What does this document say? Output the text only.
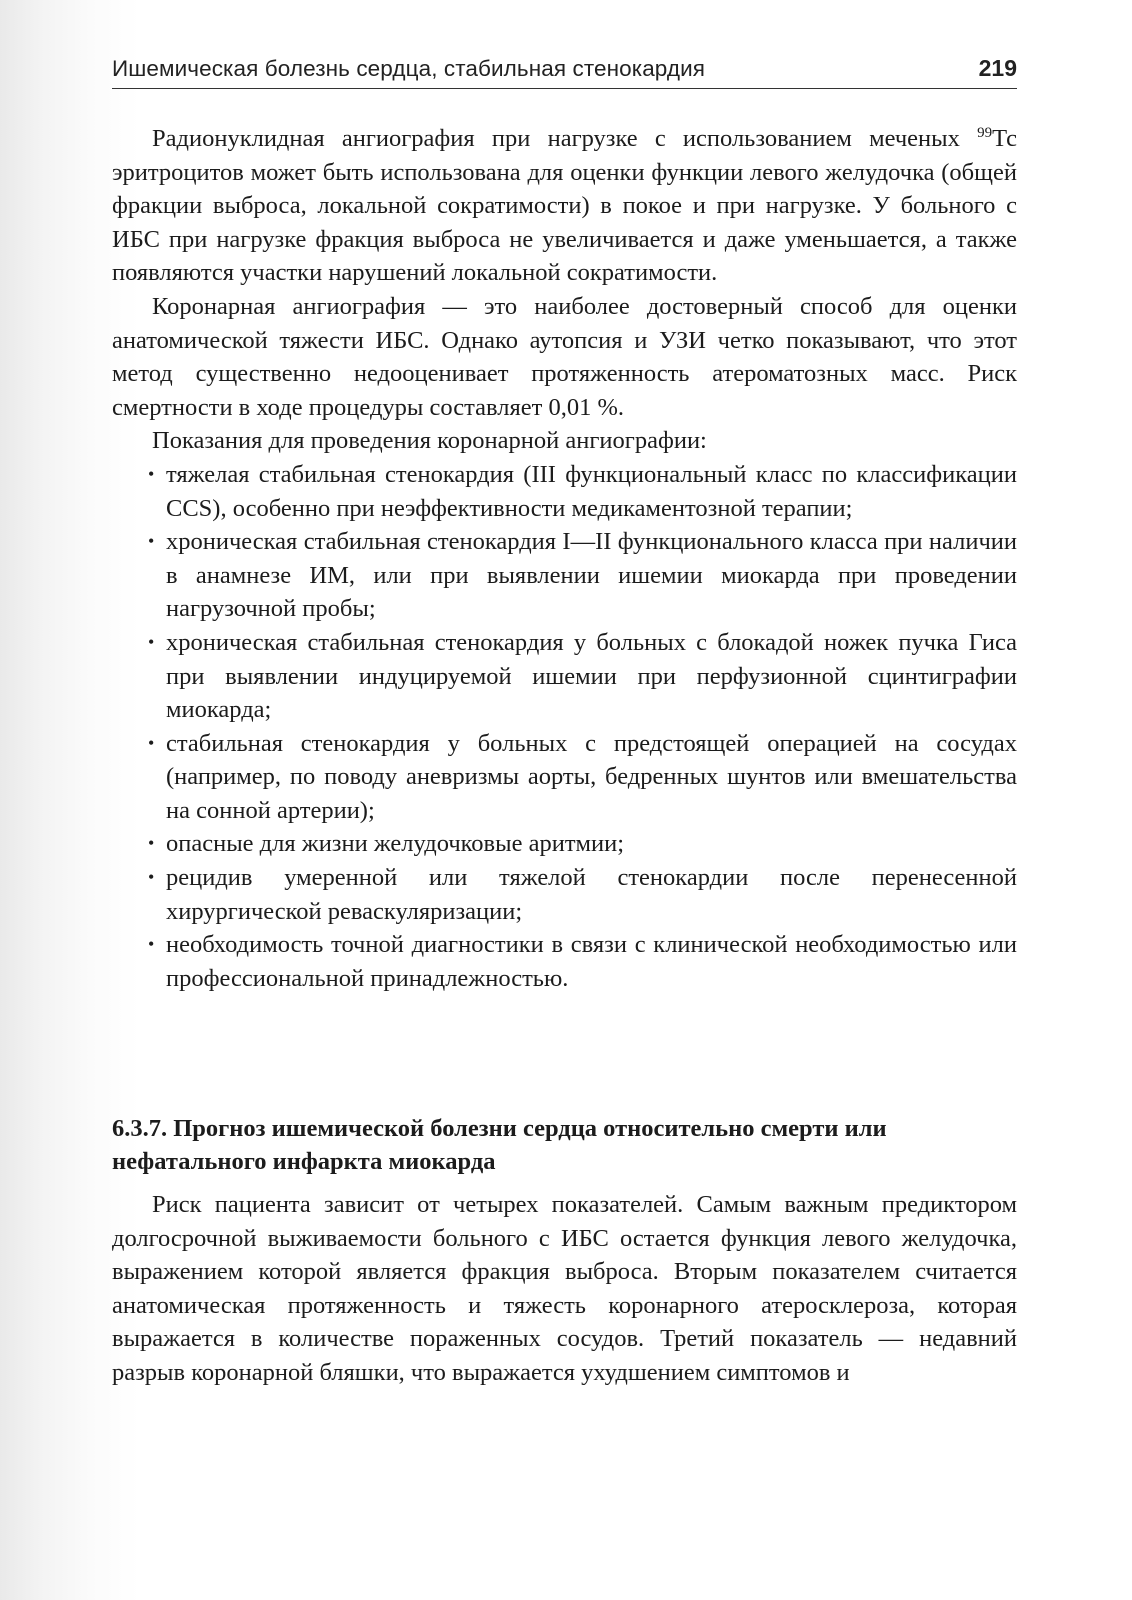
Ишемическая болезнь сердца, стабильная стенокардия	219

Радионуклидная ангиография при нагрузке с использованием меченых $^{99}$Тс эритроцитов может быть использована для оценки функции левого желудочка (общей фракции выброса, локальной сократимости) в покое и при нагрузке. У больного с ИБС при нагрузке фракция выброса не увеличивается и даже уменьшается, а также появляются участки нарушений локальной сократимости.

Коронарная ангиография — это наиболее достоверный способ для оценки анатомической тяжести ИБС. Однако аутопсия и УЗИ четко показывают, что этот метод существенно недооценивает протяженность атероматозных масс. Риск смертности в ходе процедуры составляет 0,01 %.

Показания для проведения коронарной ангиографии:

• тяжелая стабильная стенокардия (III функциональный класс по классификации CCS), особенно при неэффективности медикаментозной терапии;
• хроническая стабильная стенокардия I—II функционального класса при наличии в анамнезе ИМ, или при выявлении ишемии миокарда при проведении нагрузочной пробы;
• хроническая стабильная стенокардия у больных с блокадой ножек пучка Гиса при выявлении индуцируемой ишемии при перфузионной сцинтиграфии миокарда;
• стабильная стенокардия у больных с предстоящей операцией на сосудах (например, по поводу аневризмы аорты, бедренных шунтов или вмешательства на сонной артерии);
• опасные для жизни желудочковые аритмии;
• рецидив умеренной или тяжелой стенокардии после перенесенной хирургической реваскуляризации;
• необходимость точной диагностики в связи с клинической необходимостью или профессиональной принадлежностью.
6.3.7. Прогноз ишемической болезни сердца относительно смерти или нефатального инфаркта миокарда

Риск пациента зависит от четырех показателей. Самым важным предиктором долгосрочной выживаемости больного с ИБС остается функция левого желудочка, выражением которой является фракция выброса. Вторым показателем считается анатомическая протяженность и тяжесть коронарного атеросклероза, которая выражается в количестве пораженных сосудов. Третий показатель — недавний разрыв коронарной бляшки, что выражается ухудшением симптомов и
